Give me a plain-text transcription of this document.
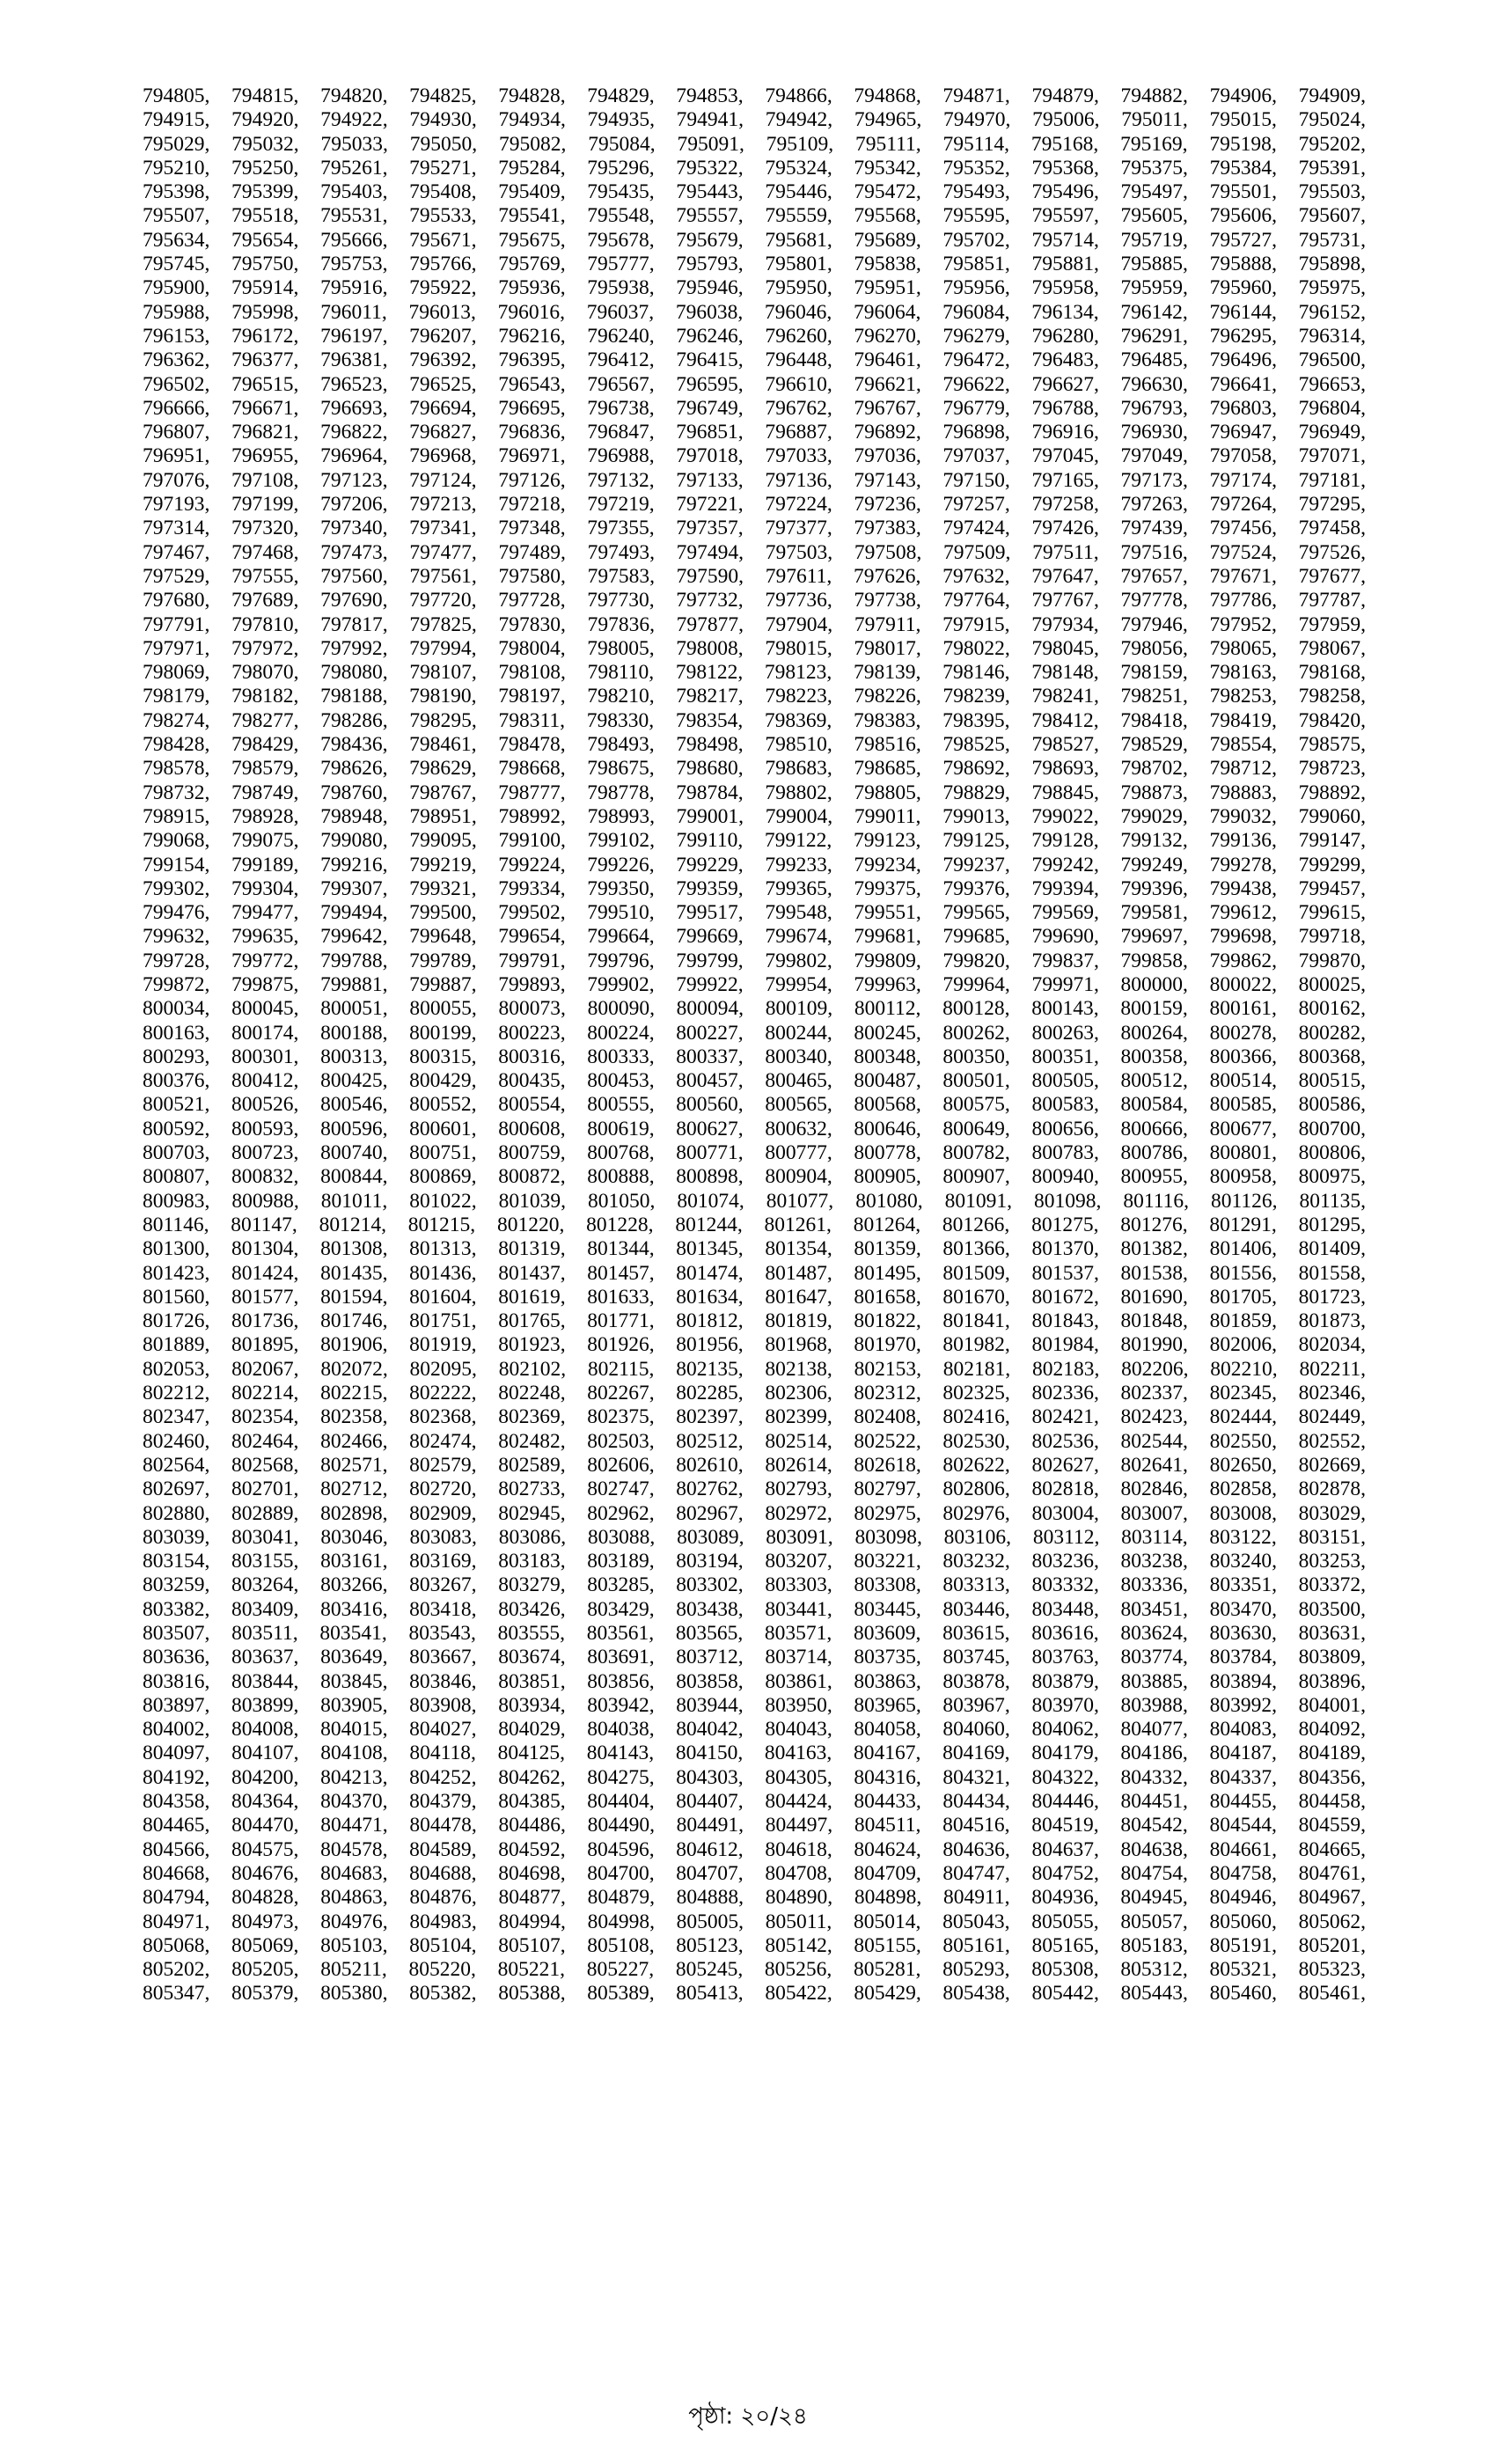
794805, 794815, 794820, 794825, 794828, 794829, 794853, 794866, 794868, 794871, 794879, 794882, 794906, 794909,
794915, 794920, 794922, 794930, 794934, 794935, 794941, 794942, 794965, 794970, 795006, 795011, 795015, 795024,
795029, 795032, 795033, 795050, 795082, 795084, 795091, 795109, 795111, 795114, 795168, 795169, 795198, 795202,
795210, 795250, 795261, 795271, 795284, 795296, 795322, 795324, 795342, 795352, 795368, 795375, 795384, 795391,
795398, 795399, 795403, 795408, 795409, 795435, 795443, 795446, 795472, 795493, 795496, 795497, 795501, 795503,
795507, 795518, 795531, 795533, 795541, 795548, 795557, 795559, 795568, 795595, 795597, 795605, 795606, 795607,
795634, 795654, 795666, 795671, 795675, 795678, 795679, 795681, 795689, 795702, 795714, 795719, 795727, 795731,
795745, 795750, 795753, 795766, 795769, 795777, 795793, 795801, 795838, 795851, 795881, 795885, 795888, 795898,
795900, 795914, 795916, 795922, 795936, 795938, 795946, 795950, 795951, 795956, 795958, 795959, 795960, 795975,
795988, 795998, 796011, 796013, 796016, 796037, 796038, 796046, 796064, 796084, 796134, 796142, 796144, 796152,
796153, 796172, 796197, 796207, 796216, 796240, 796246, 796260, 796270, 796279, 796280, 796291, 796295, 796314,
796362, 796377, 796381, 796392, 796395, 796412, 796415, 796448, 796461, 796472, 796483, 796485, 796496, 796500,
796502, 796515, 796523, 796525, 796543, 796567, 796595, 796610, 796621, 796622, 796627, 796630, 796641, 796653,
796666, 796671, 796693, 796694, 796695, 796738, 796749, 796762, 796767, 796779, 796788, 796793, 796803, 796804,
796807, 796821, 796822, 796827, 796836, 796847, 796851, 796887, 796892, 796898, 796916, 796930, 796947, 796949,
796951, 796955, 796964, 796968, 796971, 796988, 797018, 797033, 797036, 797037, 797045, 797049, 797058, 797071,
797076, 797108, 797123, 797124, 797126, 797132, 797133, 797136, 797143, 797150, 797165, 797173, 797174, 797181,
797193, 797199, 797206, 797213, 797218, 797219, 797221, 797224, 797236, 797257, 797258, 797263, 797264, 797295,
797314, 797320, 797340, 797341, 797348, 797355, 797357, 797377, 797383, 797424, 797426, 797439, 797456, 797458,
797467, 797468, 797473, 797477, 797489, 797493, 797494, 797503, 797508, 797509, 797511, 797516, 797524, 797526,
797529, 797555, 797560, 797561, 797580, 797583, 797590, 797611, 797626, 797632, 797647, 797657, 797671, 797677,
797680, 797689, 797690, 797720, 797728, 797730, 797732, 797736, 797738, 797764, 797767, 797778, 797786, 797787,
797791, 797810, 797817, 797825, 797830, 797836, 797877, 797904, 797911, 797915, 797934, 797946, 797952, 797959,
797971, 797972, 797992, 797994, 798004, 798005, 798008, 798015, 798017, 798022, 798045, 798056, 798065, 798067,
798069, 798070, 798080, 798107, 798108, 798110, 798122, 798123, 798139, 798146, 798148, 798159, 798163, 798168,
798179, 798182, 798188, 798190, 798197, 798210, 798217, 798223, 798226, 798239, 798241, 798251, 798253, 798258,
798274, 798277, 798286, 798295, 798311, 798330, 798354, 798369, 798383, 798395, 798412, 798418, 798419, 798420,
798428, 798429, 798436, 798461, 798478, 798493, 798498, 798510, 798516, 798525, 798527, 798529, 798554, 798575,
798578, 798579, 798626, 798629, 798668, 798675, 798680, 798683, 798685, 798692, 798693, 798702, 798712, 798723,
798732, 798749, 798760, 798767, 798777, 798778, 798784, 798802, 798805, 798829, 798845, 798873, 798883, 798892,
798915, 798928, 798948, 798951, 798992, 798993, 799001, 799004, 799011, 799013, 799022, 799029, 799032, 799060,
799068, 799075, 799080, 799095, 799100, 799102, 799110, 799122, 799123, 799125, 799128, 799132, 799136, 799147,
799154, 799189, 799216, 799219, 799224, 799226, 799229, 799233, 799234, 799237, 799242, 799249, 799278, 799299,
799302, 799304, 799307, 799321, 799334, 799350, 799359, 799365, 799375, 799376, 799394, 799396, 799438, 799457,
799476, 799477, 799494, 799500, 799502, 799510, 799517, 799548, 799551, 799565, 799569, 799581, 799612, 799615,
799632, 799635, 799642, 799648, 799654, 799664, 799669, 799674, 799681, 799685, 799690, 799697, 799698, 799718,
799728, 799772, 799788, 799789, 799791, 799796, 799799, 799802, 799809, 799820, 799837, 799858, 799862, 799870,
799872, 799875, 799881, 799887, 799893, 799902, 799922, 799954, 799963, 799964, 799971, 800000, 800022, 800025,
800034, 800045, 800051, 800055, 800073, 800090, 800094, 800109, 800112, 800128, 800143, 800159, 800161, 800162,
800163, 800174, 800188, 800199, 800223, 800224, 800227, 800244, 800245, 800262, 800263, 800264, 800278, 800282,
800293, 800301, 800313, 800315, 800316, 800333, 800337, 800340, 800348, 800350, 800351, 800358, 800366, 800368,
800376, 800412, 800425, 800429, 800435, 800453, 800457, 800465, 800487, 800501, 800505, 800512, 800514, 800515,
800521, 800526, 800546, 800552, 800554, 800555, 800560, 800565, 800568, 800575, 800583, 800584, 800585, 800586,
800592, 800593, 800596, 800601, 800608, 800619, 800627, 800632, 800646, 800649, 800656, 800666, 800677, 800700,
800703, 800723, 800740, 800751, 800759, 800768, 800771, 800777, 800778, 800782, 800783, 800786, 800801, 800806,
800807, 800832, 800844, 800869, 800872, 800888, 800898, 800904, 800905, 800907, 800940, 800955, 800958, 800975,
800983, 800988, 801011, 801022, 801039, 801050, 801074, 801077, 801080, 801091, 801098, 801116, 801126, 801135,
801146, 801147, 801214, 801215, 801220, 801228, 801244, 801261, 801264, 801266, 801275, 801276, 801291, 801295,
801300, 801304, 801308, 801313, 801319, 801344, 801345, 801354, 801359, 801366, 801370, 801382, 801406, 801409,
801423, 801424, 801435, 801436, 801437, 801457, 801474, 801487, 801495, 801509, 801537, 801538, 801556, 801558,
801560, 801577, 801594, 801604, 801619, 801633, 801634, 801647, 801658, 801670, 801672, 801690, 801705, 801723,
801726, 801736, 801746, 801751, 801765, 801771, 801812, 801819, 801822, 801841, 801843, 801848, 801859, 801873,
801889, 801895, 801906, 801919, 801923, 801926, 801956, 801968, 801970, 801982, 801984, 801990, 802006, 802034,
802053, 802067, 802072, 802095, 802102, 802115, 802135, 802138, 802153, 802181, 802183, 802206, 802210, 802211,
802212, 802214, 802215, 802222, 802248, 802267, 802285, 802306, 802312, 802325, 802336, 802337, 802345, 802346,
802347, 802354, 802358, 802368, 802369, 802375, 802397, 802399, 802408, 802416, 802421, 802423, 802444, 802449,
802460, 802464, 802466, 802474, 802482, 802503, 802512, 802514, 802522, 802530, 802536, 802544, 802550, 802552,
802564, 802568, 802571, 802579, 802589, 802606, 802610, 802614, 802618, 802622, 802627, 802641, 802650, 802669,
802697, 802701, 802712, 802720, 802733, 802747, 802762, 802793, 802797, 802806, 802818, 802846, 802858, 802878,
802880, 802889, 802898, 802909, 802945, 802962, 802967, 802972, 802975, 802976, 803004, 803007, 803008, 803029,
803039, 803041, 803046, 803083, 803086, 803088, 803089, 803091, 803098, 803106, 803112, 803114, 803122, 803151,
803154, 803155, 803161, 803169, 803183, 803189, 803194, 803207, 803221, 803232, 803236, 803238, 803240, 803253,
803259, 803264, 803266, 803267, 803279, 803285, 803302, 803303, 803308, 803313, 803332, 803336, 803351, 803372,
803382, 803409, 803416, 803418, 803426, 803429, 803438, 803441, 803445, 803446, 803448, 803451, 803470, 803500,
803507, 803511, 803541, 803543, 803555, 803561, 803565, 803571, 803609, 803615, 803616, 803624, 803630, 803631,
803636, 803637, 803649, 803667, 803674, 803691, 803712, 803714, 803735, 803745, 803763, 803774, 803784, 803809,
803816, 803844, 803845, 803846, 803851, 803856, 803858, 803861, 803863, 803878, 803879, 803885, 803894, 803896,
803897, 803899, 803905, 803908, 803934, 803942, 803944, 803950, 803965, 803967, 803970, 803988, 803992, 804001,
804002, 804008, 804015, 804027, 804029, 804038, 804042, 804043, 804058, 804060, 804062, 804077, 804083, 804092,
804097, 804107, 804108, 804118, 804125, 804143, 804150, 804163, 804167, 804169, 804179, 804186, 804187, 804189,
804192, 804200, 804213, 804252, 804262, 804275, 804303, 804305, 804316, 804321, 804322, 804332, 804337, 804356,
804358, 804364, 804370, 804379, 804385, 804404, 804407, 804424, 804433, 804434, 804446, 804451, 804455, 804458,
804465, 804470, 804471, 804478, 804486, 804490, 804491, 804497, 804511, 804516, 804519, 804542, 804544, 804559,
804566, 804575, 804578, 804589, 804592, 804596, 804612, 804618, 804624, 804636, 804637, 804638, 804661, 804665,
804668, 804676, 804683, 804688, 804698, 804700, 804707, 804708, 804709, 804747, 804752, 804754, 804758, 804761,
804794, 804828, 804863, 804876, 804877, 804879, 804888, 804890, 804898, 804911, 804936, 804945, 804946, 804967,
804971, 804973, 804976, 804983, 804994, 804998, 805005, 805011, 805014, 805043, 805055, 805057, 805060, 805062,
805068, 805069, 805103, 805104, 805107, 805108, 805123, 805142, 805155, 805161, 805165, 805183, 805191, 805201,
805202, 805205, 805211, 805220, 805221, 805227, 805245, 805256, 805281, 805293, 805308, 805312, 805321, 805323,
805347, 805379, 805380, 805382, 805388, 805389, 805413, 805422, 805429, 805438, 805442, 805443, 805460, 805461,
পৃষ্ঠা: ২০/২৪
